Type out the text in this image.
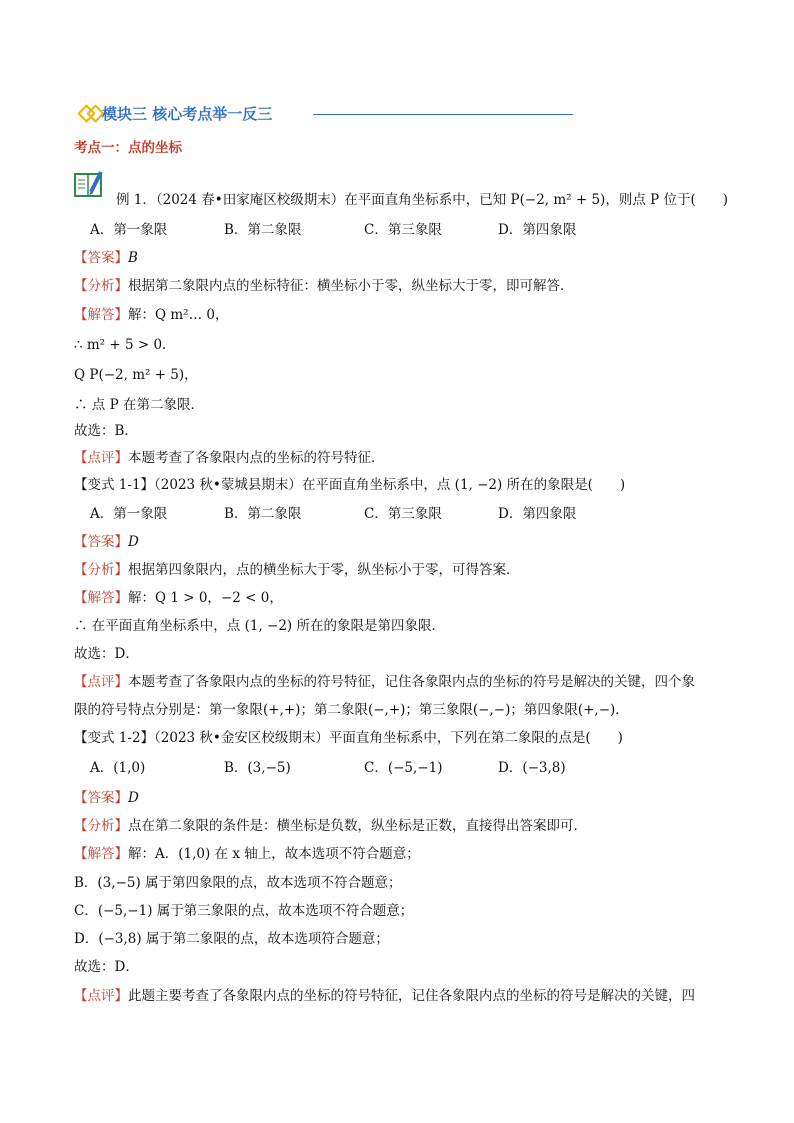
模块三 核心考点举一反三
考点一：点的坐标
例 1．（2024 春•田家庵区校级期末）在平面直角坐标系中，已知 P(−2, m² + 5)，则点 P 位于(　　)
A．第一象限	B．第二象限	C．第三象限	D．第四象限
【答案】B
【分析】根据第二象限内点的坐标特征：横坐标小于零，纵坐标大于零，即可解答．
【解答】解：Q m²… 0，
∴ m² + 5 > 0．
Q P(−2, m² + 5)，
∴ 点 P 在第二象限．
故选：B．
【点评】本题考查了各象限内点的坐标的符号特征．
【变式 1-1】（2023 秋•蒙城县期末）在平面直角坐标系中，点 (1, −2) 所在的象限是(　　)
A．第一象限	B．第二象限	C．第三象限	D．第四象限
【答案】D
【分析】根据第四象限内，点的横坐标大于零，纵坐标小于零，可得答案．
【解答】解：Q 1 > 0，−2 < 0，
∴ 在平面直角坐标系中，点 (1, −2) 所在的象限是第四象限．
故选：D．
【点评】本题考查了各象限内点的坐标的符号特征，记住各象限内点的坐标的符号是解决的关键，四个象
限的符号特点分别是：第一象限(+,+)；第二象限(−,+)；第三象限(−,−)；第四象限(+,−)．
【变式 1-2】（2023 秋•金安区校级期末）平面直角坐标系中，下列在第二象限的点是(　　)
A．(1,0)	B．(3,−5)	C．(−5,−1)	D．(−3,8)
【答案】D
【分析】点在第二象限的条件是：横坐标是负数，纵坐标是正数，直接得出答案即可．
【解答】解：A．(1,0) 在 x 轴上，故本选项不符合题意；
B．(3,−5) 属于第四象限的点，故本选项不符合题意；
C．(−5,−1) 属于第三象限的点，故本选项不符合题意；
D．(−3,8) 属于第二象限的点，故本选项符合题意；
故选：D．
【点评】此题主要考查了各象限内点的坐标的符号特征，记住各象限内点的坐标的符号是解决的关键，四
